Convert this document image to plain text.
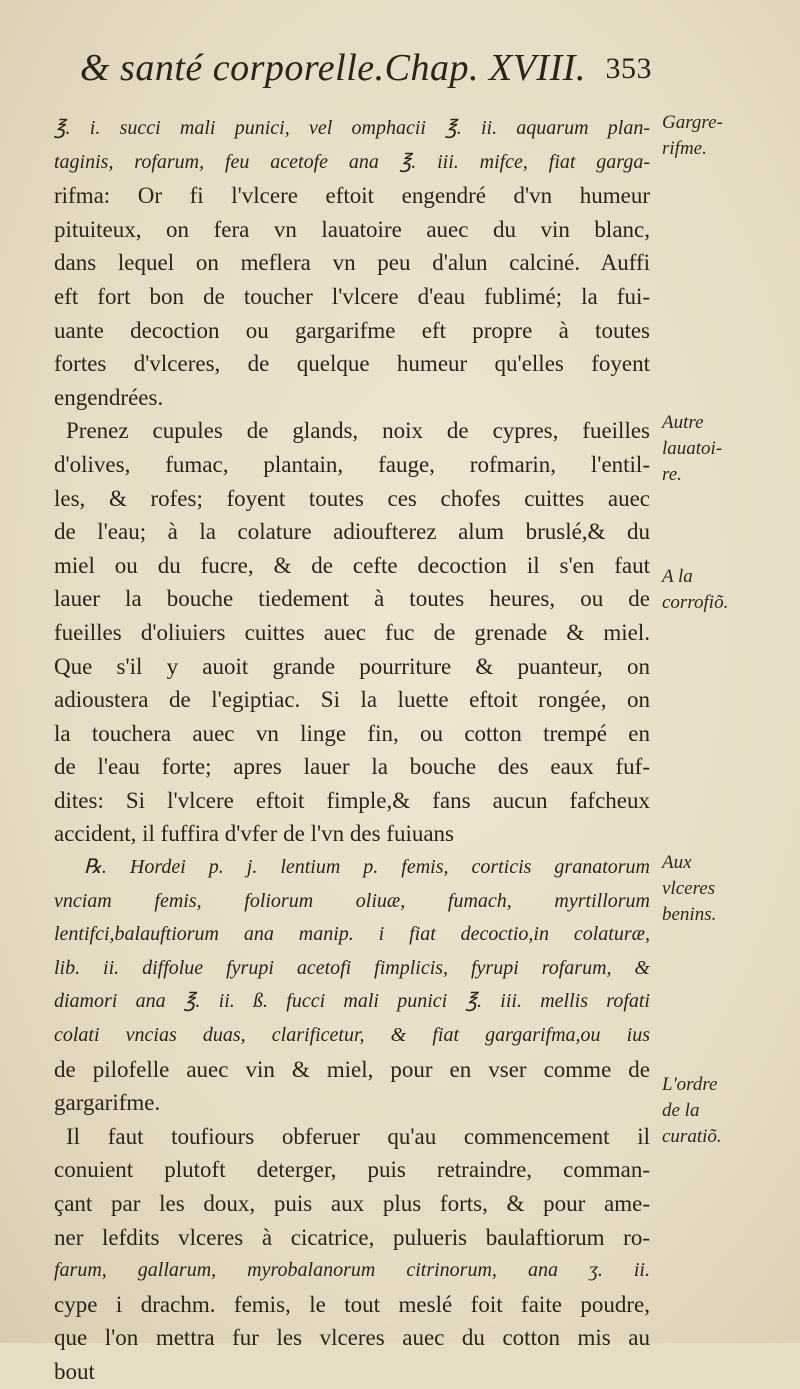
& santé corporelle.Chap. XVIII. 353
℥. i. succi mali punici, vel omphacii ℥. ii. aquarum plan-
taginis, rofarum, feu acetofe ana ℥. iii. mifce, fiat garga-
rifma: Or fi l'vlcere eftoit engendré d'vn humeur
pituiteux, on fera vn lauatoire auec du vin blanc,
dans lequel on meflera vn peu d'alun calciné. Auffi
eft fort bon de toucher l'vlcere d'eau fublimé; la fui-
uante decoction ou gargarifme eft propre à toutes
fortes d'vlceres, de quelque humeur qu'elles foyent
engendrées.
Prenez cupules de glands, noix de cypres, fueilles
d'olives, fumac, plantain, fauge, rofmarin, l'entil-
les, & rofes; foyent toutes ces chofes cuittes auec
de l'eau; à la colature adioufterez alum bruslé,& du
miel ou du fucre, & de cefte decoction il s'en faut
lauer la bouche tiedement à toutes heures, ou de
fueilles d'oliuiers cuittes auec fuc de grenade & miel.
Que s'il y auoit grande pourriture & puanteur, on
adioustera de l'egiptiac. Si la luette eftoit rongée, on
la touchera auec vn linge fin, ou cotton trempé en
de l'eau forte; apres lauer la bouche des eaux fuf-
dites: Si l'vlcere eftoit fimple,& fans aucun fafcheux
accident, il fuffira d'vfer de l'vn des fuiuans
℞. Hordei p. j. lentium p. femis, corticis granatorum
vnciam femis, foliorum oliuæ, fumach, myrtillorum
lentifci,balauftiorum ana manip. i fiat decoctio,in colaturæ,
lib. ii. diffolue fyrupi acetofi fimplicis, fyrupi rofarum, &
diamori ana ℥. ii. ß. fucci mali punici ℥. iii. mellis rofati
colati vncias duas, clarificetur, & fiat gargarifma,ou ius
de pilofelle auec vin & miel, pour en vser comme de
gargarifme.
Il faut toufiours obferuer qu'au commencement il
conuient plutoft deterger, puis retraindre, comman-
çant par les doux, puis aux plus forts, & pour ame-
ner lefdits vlceres à cicatrice, pulueris baulaftiorum ro-
farum, gallarum, myrobalanorum citrinorum, ana ʒ. ii.
cype i drachm. femis, le tout meslé foit faite poudre,
que l'on mettra fur les vlceres auec du cotton mis au
bout
Gargre-
rifme.
Autre
lauatoi-
re.
A la
corrofiõ.
Aux
vlceres
benins.
L'ordre
de la
curatiõ.
